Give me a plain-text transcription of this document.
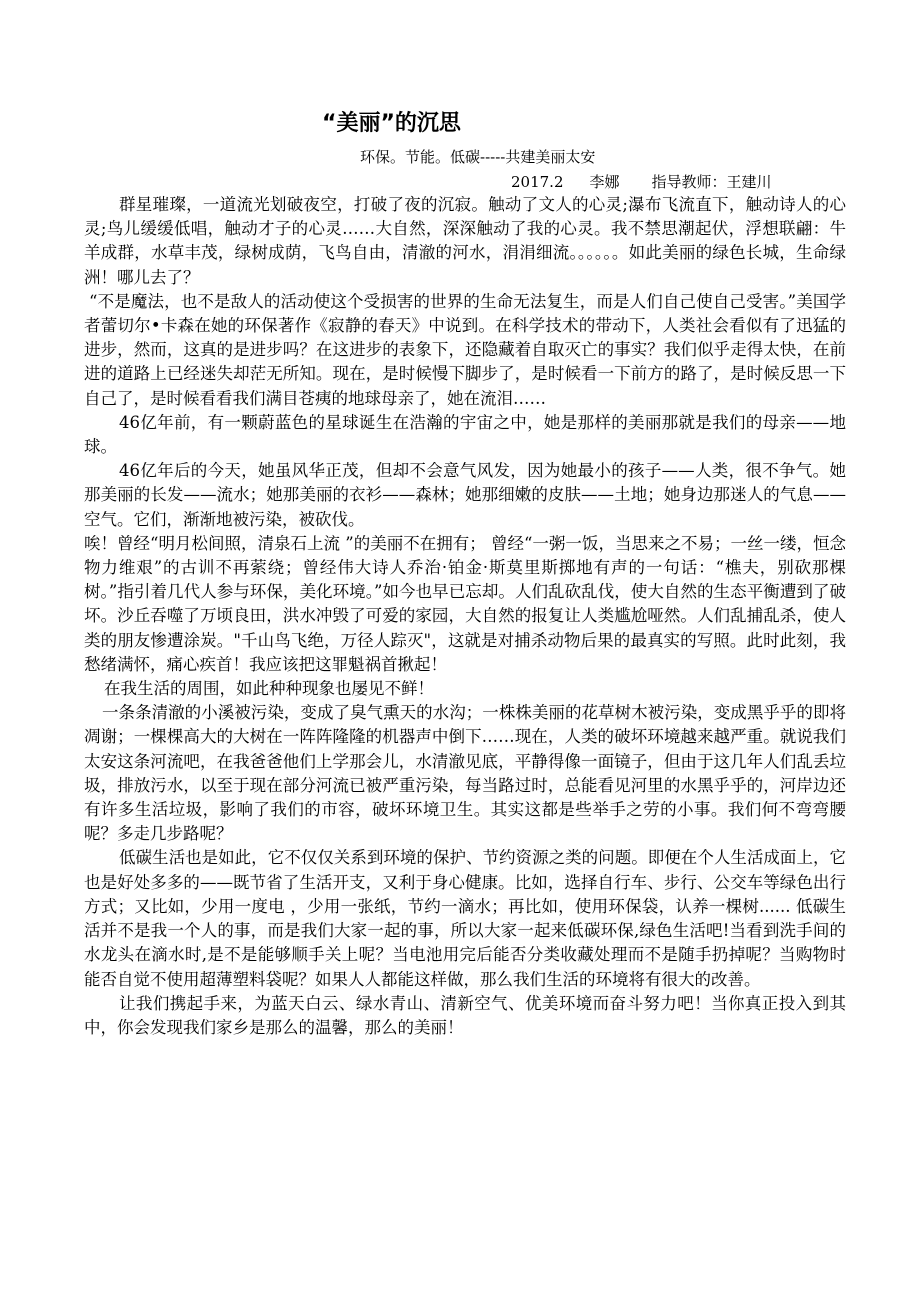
“美丽”的沉思

环保。节能。低碳-----共建美丽太安

2017.2 李娜 指导教师：王建川

群星璀璨，一道流光划破夜空，打破了夜的沉寂。触动了文人的心灵;瀑布飞流直下，触动诗人的心灵;鸟儿缓缓低唱，触动才子的心灵……大自然，深深触动了我的心灵。我不禁思潮起伏，浮想联翩：牛羊成群，水草丰茂，绿树成荫，飞鸟自由，清澈的河水，涓涓细流。。。。。。如此美丽的绿色长城，生命绿洲！哪儿去了？

“不是魔法，也不是敌人的活动使这个受损害的世界的生命无法复生，而是人们自己使自己受害。”美国学者蕾切尔•卡森在她的环保著作《寂静的春天》中说到。在科学技术的带动下，人类社会看似有了迅猛的进步，然而，这真的是进步吗？在这进步的表象下，还隐藏着自取灭亡的事实？我们似乎走得太快，在前进的道路上已经迷失却茫无所知。现在，是时候慢下脚步了，是时候看一下前方的路了，是时候反思一下自己了，是时候看看我们满目苍痍的地球母亲了，她在流泪……

46亿年前，有一颗蔚蓝色的星球诞生在浩瀚的宇宙之中，她是那样的美丽那就是我们的母亲——地球。

46亿年后的今天，她虽风华正茂，但却不会意气风发，因为她最小的孩子——人类，很不争气。她那美丽的长发——流水；她那美丽的衣衫——森林；她那细嫩的皮肤——土地；她身边那迷人的气息——空气。它们，渐渐地被污染，被砍伐。

唉！曾经“明月松间照，清泉石上流 ”的美丽不在拥有； 曾经“一粥一饭，当思来之不易；一丝一缕，恒念物力维艰”的古训不再萦绕；曾经伟大诗人乔治·铂金·斯莫里斯掷地有声的一句话：“樵夫，别砍那棵树。”指引着几代人参与环保，美化环境。”如今也早已忘却。人们乱砍乱伐，使大自然的生态平衡遭到了破坏。沙丘吞噬了万顷良田，洪水冲毁了可爱的家园，大自然的报复让人类尴尬哑然。人们乱捕乱杀，使人类的朋友惨遭涂炭。"千山鸟飞绝，万径人踪灭"，这就是对捕杀动物后果的最真实的写照。此时此刻，我愁绪满怀，痛心疾首！我应该把这罪魁祸首揪起！

在我生活的周围，如此种种现象也屡见不鲜！

一条条清澈的小溪被污染，变成了臭气熏天的水沟；一株株美丽的花草树木被污染，变成黑乎乎的即将凋谢；一棵棵高大的大树在一阵阵隆隆的机器声中倒下……现在，人类的破坏环境越来越严重。就说我们太安这条河流吧，在我爸爸他们上学那会儿，水清澈见底，平静得像一面镜子，但由于这几年人们乱丢垃圾，排放污水，以至于现在部分河流已被严重污染，每当路过时，总能看见河里的水黑乎乎的，河岸边还有许多生活垃圾，影响了我们的市容，破坏环境卫生。其实这都是些举手之劳的小事。我们何不弯弯腰呢？多走几步路呢？

低碳生活也是如此，它不仅仅关系到环境的保护、节约资源之类的问题。即便在个人生活成面上，它也是好处多多的——既节省了生活开支，又利于身心健康。比如，选择自行车、步行、公交车等绿色出行方式；又比如，少用一度电 ，少用一张纸，节约一滴水；再比如，使用环保袋，认养一棵树...... 低碳生活并不是我一个人的事，而是我们大家一起的事，所以大家一起来低碳环保,绿色生活吧!当看到洗手间的水龙头在滴水时,是不是能够顺手关上呢？当电池用完后能否分类收藏处理而不是随手扔掉呢？当购物时能否自觉不使用超薄塑料袋呢？如果人人都能这样做，那么我们生活的环境将有很大的改善。

让我们携起手来，为蓝天白云、绿水青山、清新空气、优美环境而奋斗努力吧！当你真正投入到其中，你会发现我们家乡是那么的温馨，那么的美丽！
